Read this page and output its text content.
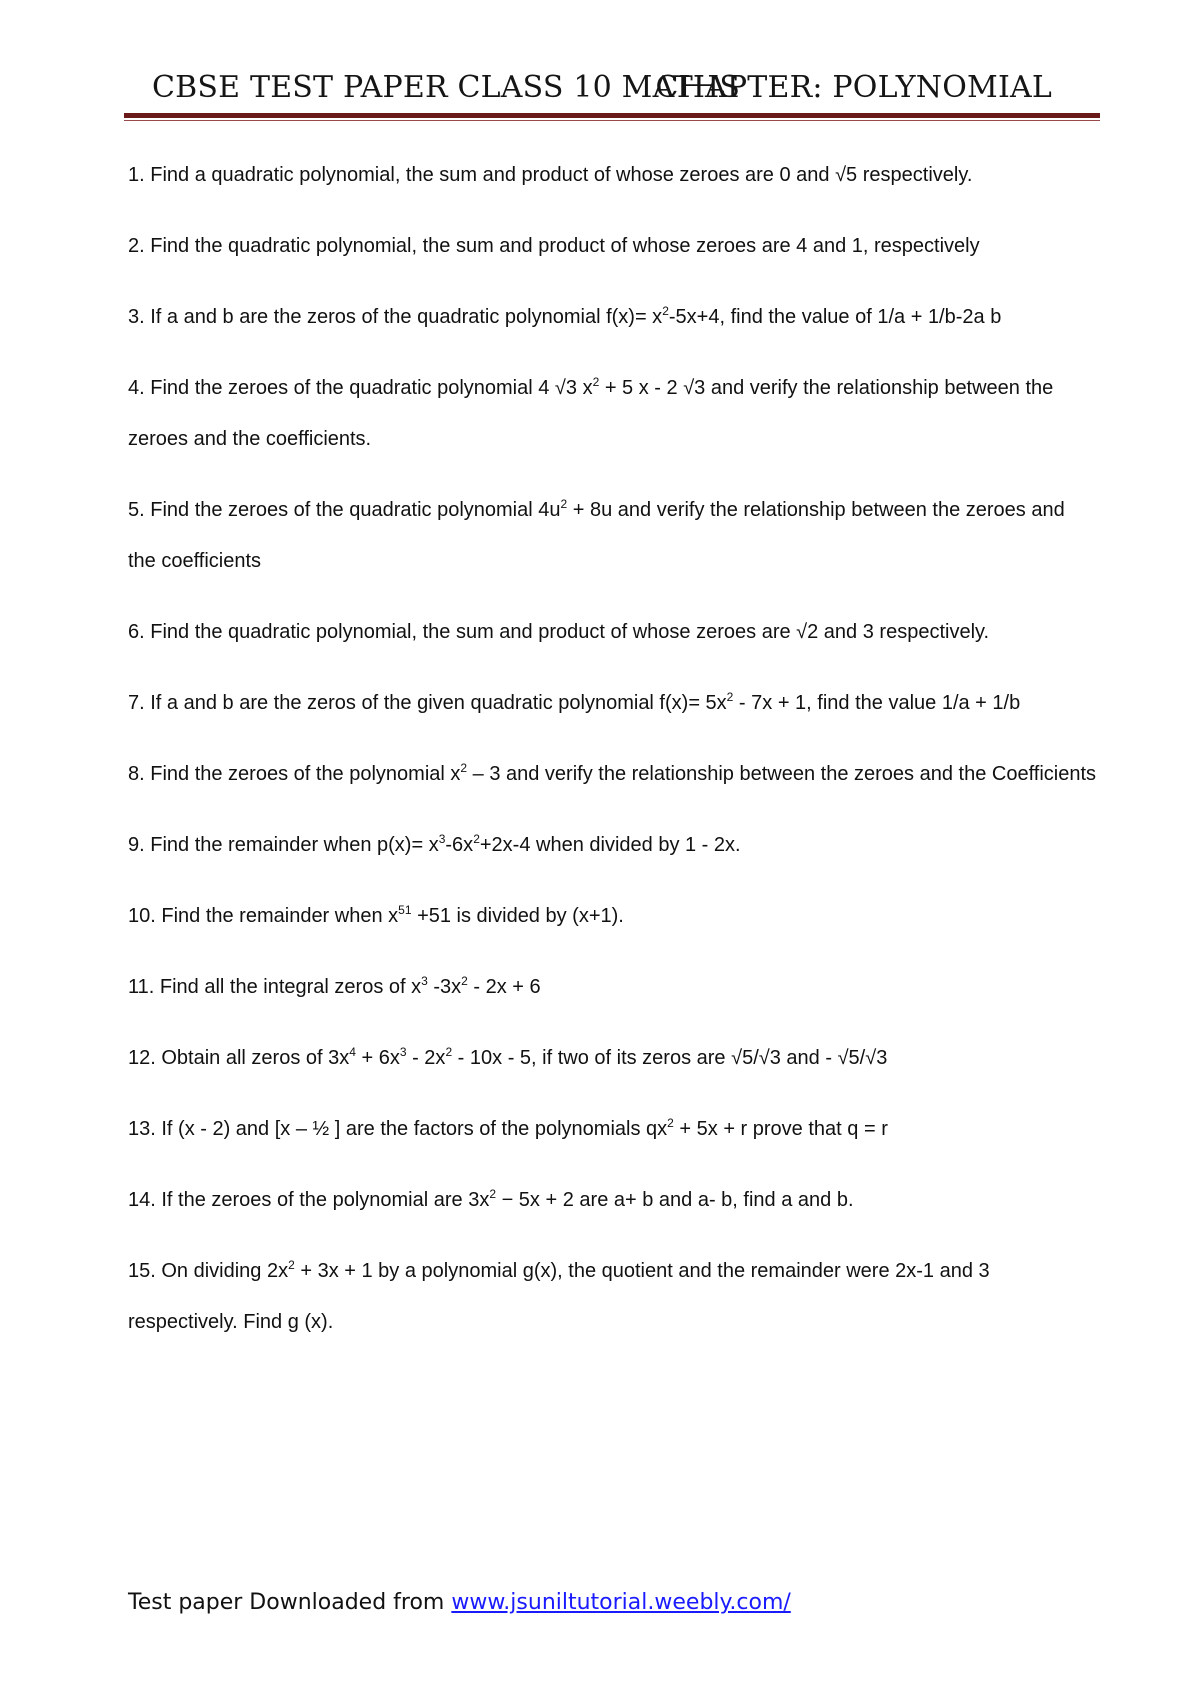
CBSE TEST PAPER CLASS 10 MATHS
CHAPTER: POLYNOMIAL
1. Find a quadratic polynomial, the sum and product of whose zeroes are 0 and √5 respectively.
2. Find the quadratic polynomial, the sum and product of whose zeroes are 4 and 1, respectively
3. If a and b are the zeros of the quadratic polynomial $f(x)= x^2-5x+4$, find the value of 1/a + 1/b-2a b
4. Find the zeroes of the quadratic polynomial 4 √3 $x^2 + 5$ x - 2 √3 and verify the relationship between the zeroes and the coefficients.
5. Find the zeroes of the quadratic polynomial $4u^2 + 8u$ and verify the relationship between the zeroes and the coefficients
6. Find the quadratic polynomial, the sum and product of whose zeroes are √2 and 3 respectively.
7. If a and b are the zeros of the given quadratic polynomial $f(x)= 5x^2 - 7x + 1$, find the value 1/a + 1/b
8. Find the zeroes of the polynomial $x^2 - 3$ and verify the relationship between the zeroes and the Coefficients
9. Find the remainder when $p(x)= x^3-6x^2+2x-4$ when divided by 1 - 2x.
10. Find the remainder when $x^{51} +51$ is divided by (x+1).
11. Find all the integral zeros of $x^3$ $-3x^2 - 2x + 6$
12. Obtain all zeros of $3x^4 + 6x^3 - 2x^2 - 10x - 5$, if two of its zeros are √5/√3 and - √5/√3
13. If (x - 2) and [x – ½ ] are the factors of the polynomials $qx^2 + 5x + r$ prove that q = r
14. If the zeroes of the polynomial are $3x^2 - 5x + 2$ are a+ b and a- b, find a and b.
15. On dividing $2x^2 + 3x + 1$ by a polynomial g(x), the quotient and the remainder were 2x-1 and 3 respectively. Find g (x).
Test paper Downloaded from www.jsuniltutorial.weebly.com/
